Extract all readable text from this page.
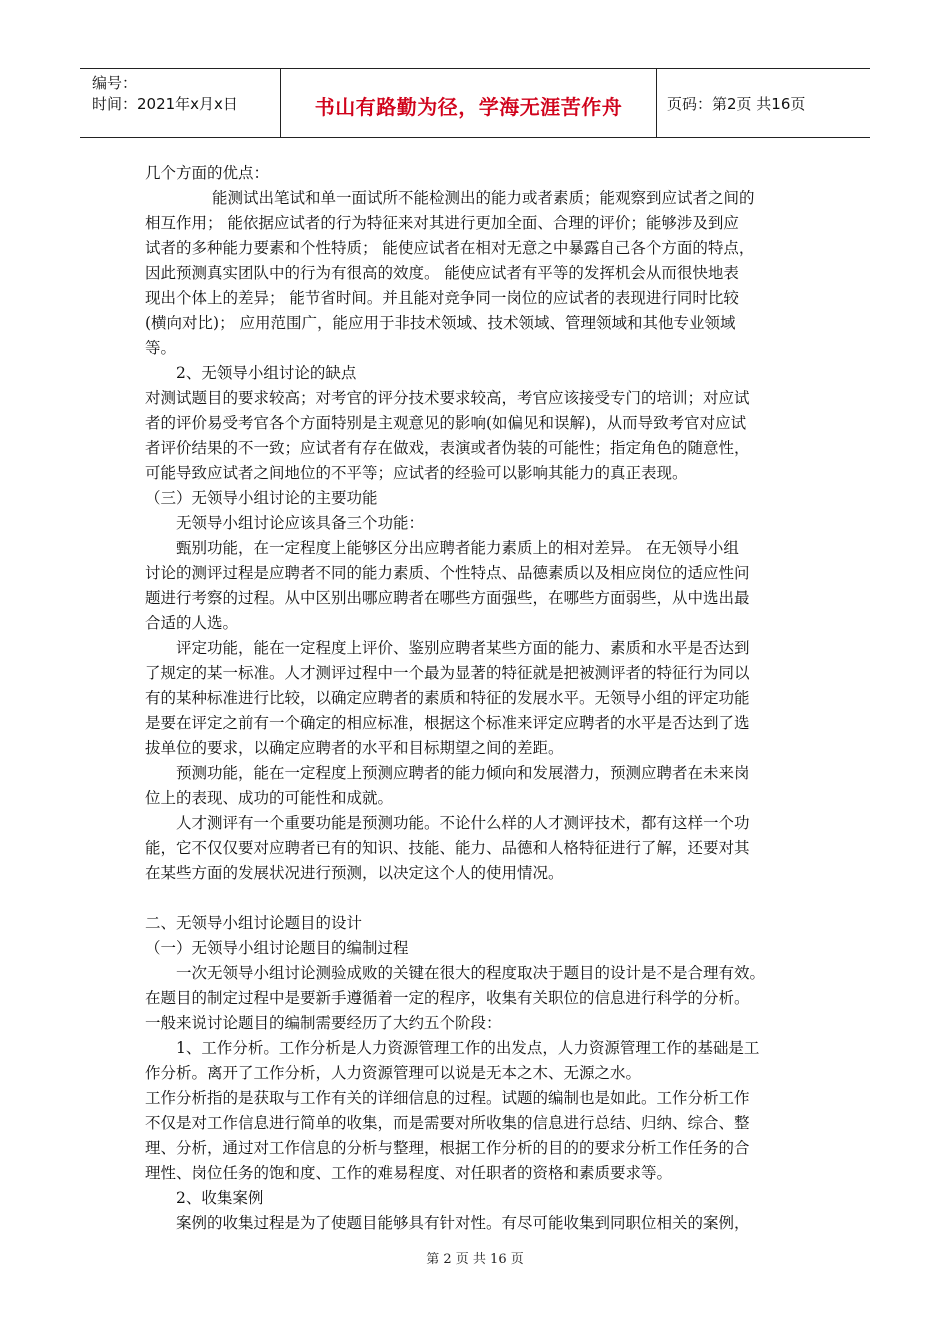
编号：
时间：2021年x月x日	书山有路勤为径，学海无涯苦作舟	页码：第2页 共16页
几个方面的优点：
能测试出笔试和单一面试所不能检测出的能力或者素质；能观察到应试者之间的
相互作用； 能依据应试者的行为特征来对其进行更加全面、合理的评价；能够涉及到应
试者的多种能力要素和个性特质； 能使应试者在相对无意之中暴露自己各个方面的特点，
因此预测真实团队中的行为有很高的效度。 能使应试者有平等的发挥机会从而很快地表
现出个体上的差异； 能节省时间。并且能对竞争同一岗位的应试者的表现进行同时比较
(横向对比)； 应用范围广，能应用于非技术领域、技术领域、管理领域和其他专业领域
等。
2、无领导小组讨论的缺点
对测试题目的要求较高；对考官的评分技术要求较高，考官应该接受专门的培训；对应试
者的评价易受考官各个方面特别是主观意见的影响(如偏见和误解)，从而导致考官对应试
者评价结果的不一致；应试者有存在做戏，表演或者伪装的可能性；指定角色的随意性，
可能导致应试者之间地位的不平等；应试者的经验可以影响其能力的真正表现。
（三）无领导小组讨论的主要功能
无领导小组讨论应该具备三个功能：
甄别功能，在一定程度上能够区分出应聘者能力素质上的相对差异。 在无领导小组
讨论的测评过程是应聘者不同的能力素质、个性特点、品德素质以及相应岗位的适应性问
题进行考察的过程。从中区别出哪应聘者在哪些方面强些，在哪些方面弱些，从中选出最
合适的人选。
评定功能，能在一定程度上评价、鉴别应聘者某些方面的能力、素质和水平是否达到
了规定的某一标准。人才测评过程中一个最为显著的特征就是把被测评者的特征行为同以
有的某种标准进行比较，以确定应聘者的素质和特征的发展水平。无领导小组的评定功能
是要在评定之前有一个确定的相应标准，根据这个标准来评定应聘者的水平是否达到了选
拔单位的要求，以确定应聘者的水平和目标期望之间的差距。
预测功能，能在一定程度上预测应聘者的能力倾向和发展潜力，预测应聘者在未来岗
位上的表现、成功的可能性和成就。
人才测评有一个重要功能是预测功能。不论什么样的人才测评技术，都有这样一个功
能，它不仅仅要对应聘者已有的知识、技能、能力、品德和人格特征进行了解，还要对其
在某些方面的发展状况进行预测，以决定这个人的使用情况。
二、无领导小组讨论题目的设计
（一）无领导小组讨论题目的编制过程
一次无领导小组讨论测验成败的关键在很大的程度取决于题目的设计是不是合理有效。
在题目的制定过程中是要新手遵循着一定的程序，收集有关职位的信息进行科学的分析。
一般来说讨论题目的编制需要经历了大约五个阶段：
1、工作分析。工作分析是人力资源管理工作的出发点，人力资源管理工作的基础是工
作分析。离开了工作分析，人力资源管理可以说是无本之木、无源之水。
工作分析指的是获取与工作有关的详细信息的过程。试题的编制也是如此。工作分析工作
不仅是对工作信息进行简单的收集，而是需要对所收集的信息进行总结、归纳、综合、整
理、分析，通过对工作信息的分析与整理，根据工作分析的目的的要求分析工作任务的合
理性、岗位任务的饱和度、工作的难易程度、对任职者的资格和素质要求等。
2、收集案例
案例的收集过程是为了使题目能够具有针对性。有尽可能收集到同职位相关的案例，
第 2 页 共 16 页
